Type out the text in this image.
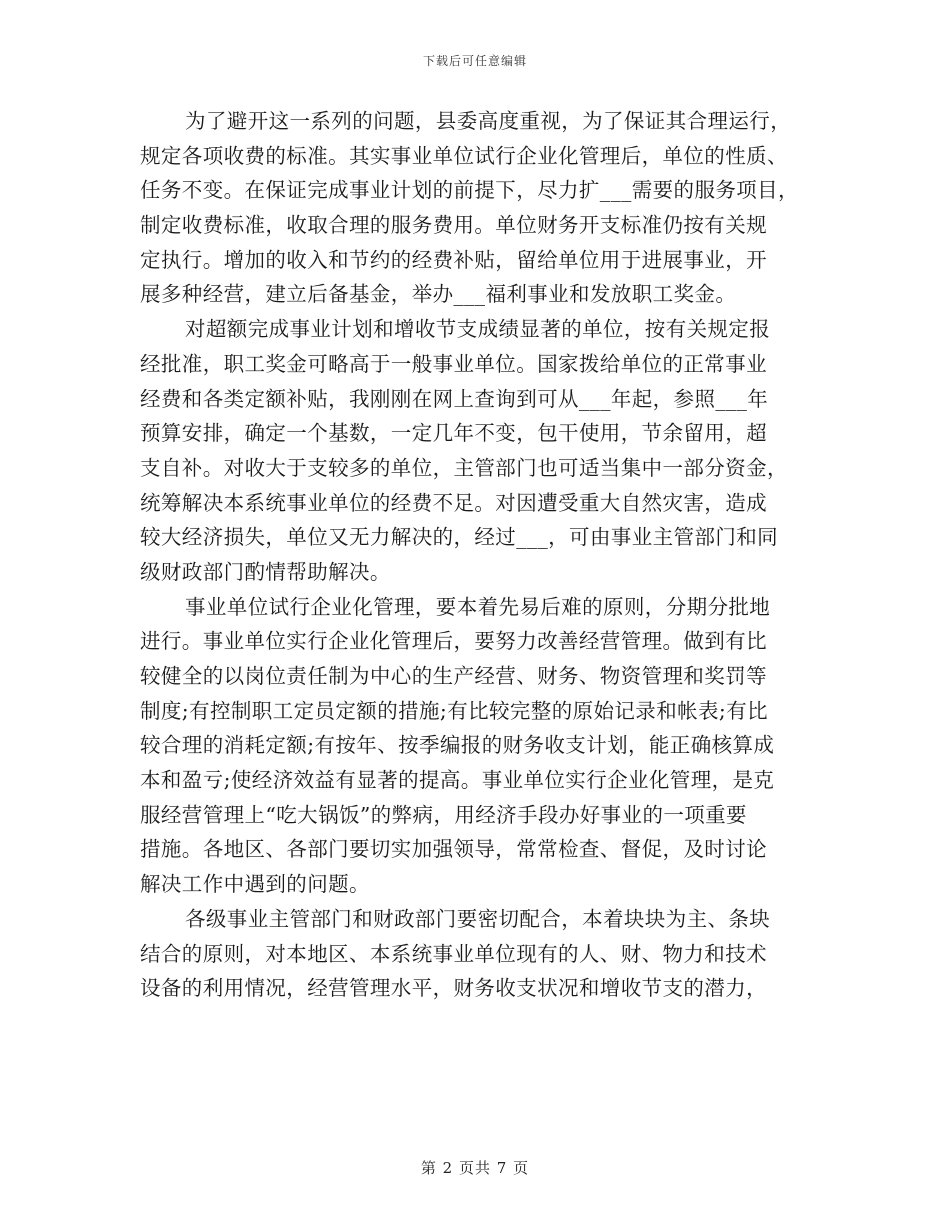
下载后可任意编辑
为了避开这一系列的问题，县委高度重视，为了保证其合理运行，
规定各项收费的标准。其实事业单位试行企业化管理后，单位的性质、
任务不变。在保证完成事业计划的前提下，尽力扩___需要的服务项目，
制定收费标准，收取合理的服务费用。单位财务开支标准仍按有关规
定执行。增加的收入和节约的经费补贴，留给单位用于进展事业，开
展多种经营，建立后备基金，举办___福利事业和发放职工奖金。
对超额完成事业计划和增收节支成绩显著的单位，按有关规定报
经批准，职工奖金可略高于一般事业单位。国家拨给单位的正常事业
经费和各类定额补贴，我刚刚在网上查询到可从___年起，参照___年
预算安排，确定一个基数，一定几年不变，包干使用，节余留用，超
支自补。对收大于支较多的单位，主管部门也可适当集中一部分资金，
统筹解决本系统事业单位的经费不足。对因遭受重大自然灾害，造成
较大经济损失，单位又无力解决的，经过___，可由事业主管部门和同
级财政部门酌情帮助解决。
事业单位试行企业化管理，要本着先易后难的原则，分期分批地
进行。事业单位实行企业化管理后，要努力改善经营管理。做到有比
较健全的以岗位责任制为中心的生产经营、财务、物资管理和奖罚等
制度;有控制职工定员定额的措施;有比较完整的原始记录和帐表;有比
较合理的消耗定额;有按年、按季编报的财务收支计划，能正确核算成
本和盈亏;使经济效益有显著的提高。事业单位实行企业化管理，是克
服经营管理上“吃大锅饭”的弊病，用经济手段办好事业的一项重要
措施。各地区、各部门要切实加强领导，常常检查、督促，及时讨论
解决工作中遇到的问题。
各级事业主管部门和财政部门要密切配合，本着块块为主、条块
结合的原则，对本地区、本系统事业单位现有的人、财、物力和技术
设备的利用情况，经营管理水平，财务收支状况和增收节支的潜力，
第 2 页共 7 页
